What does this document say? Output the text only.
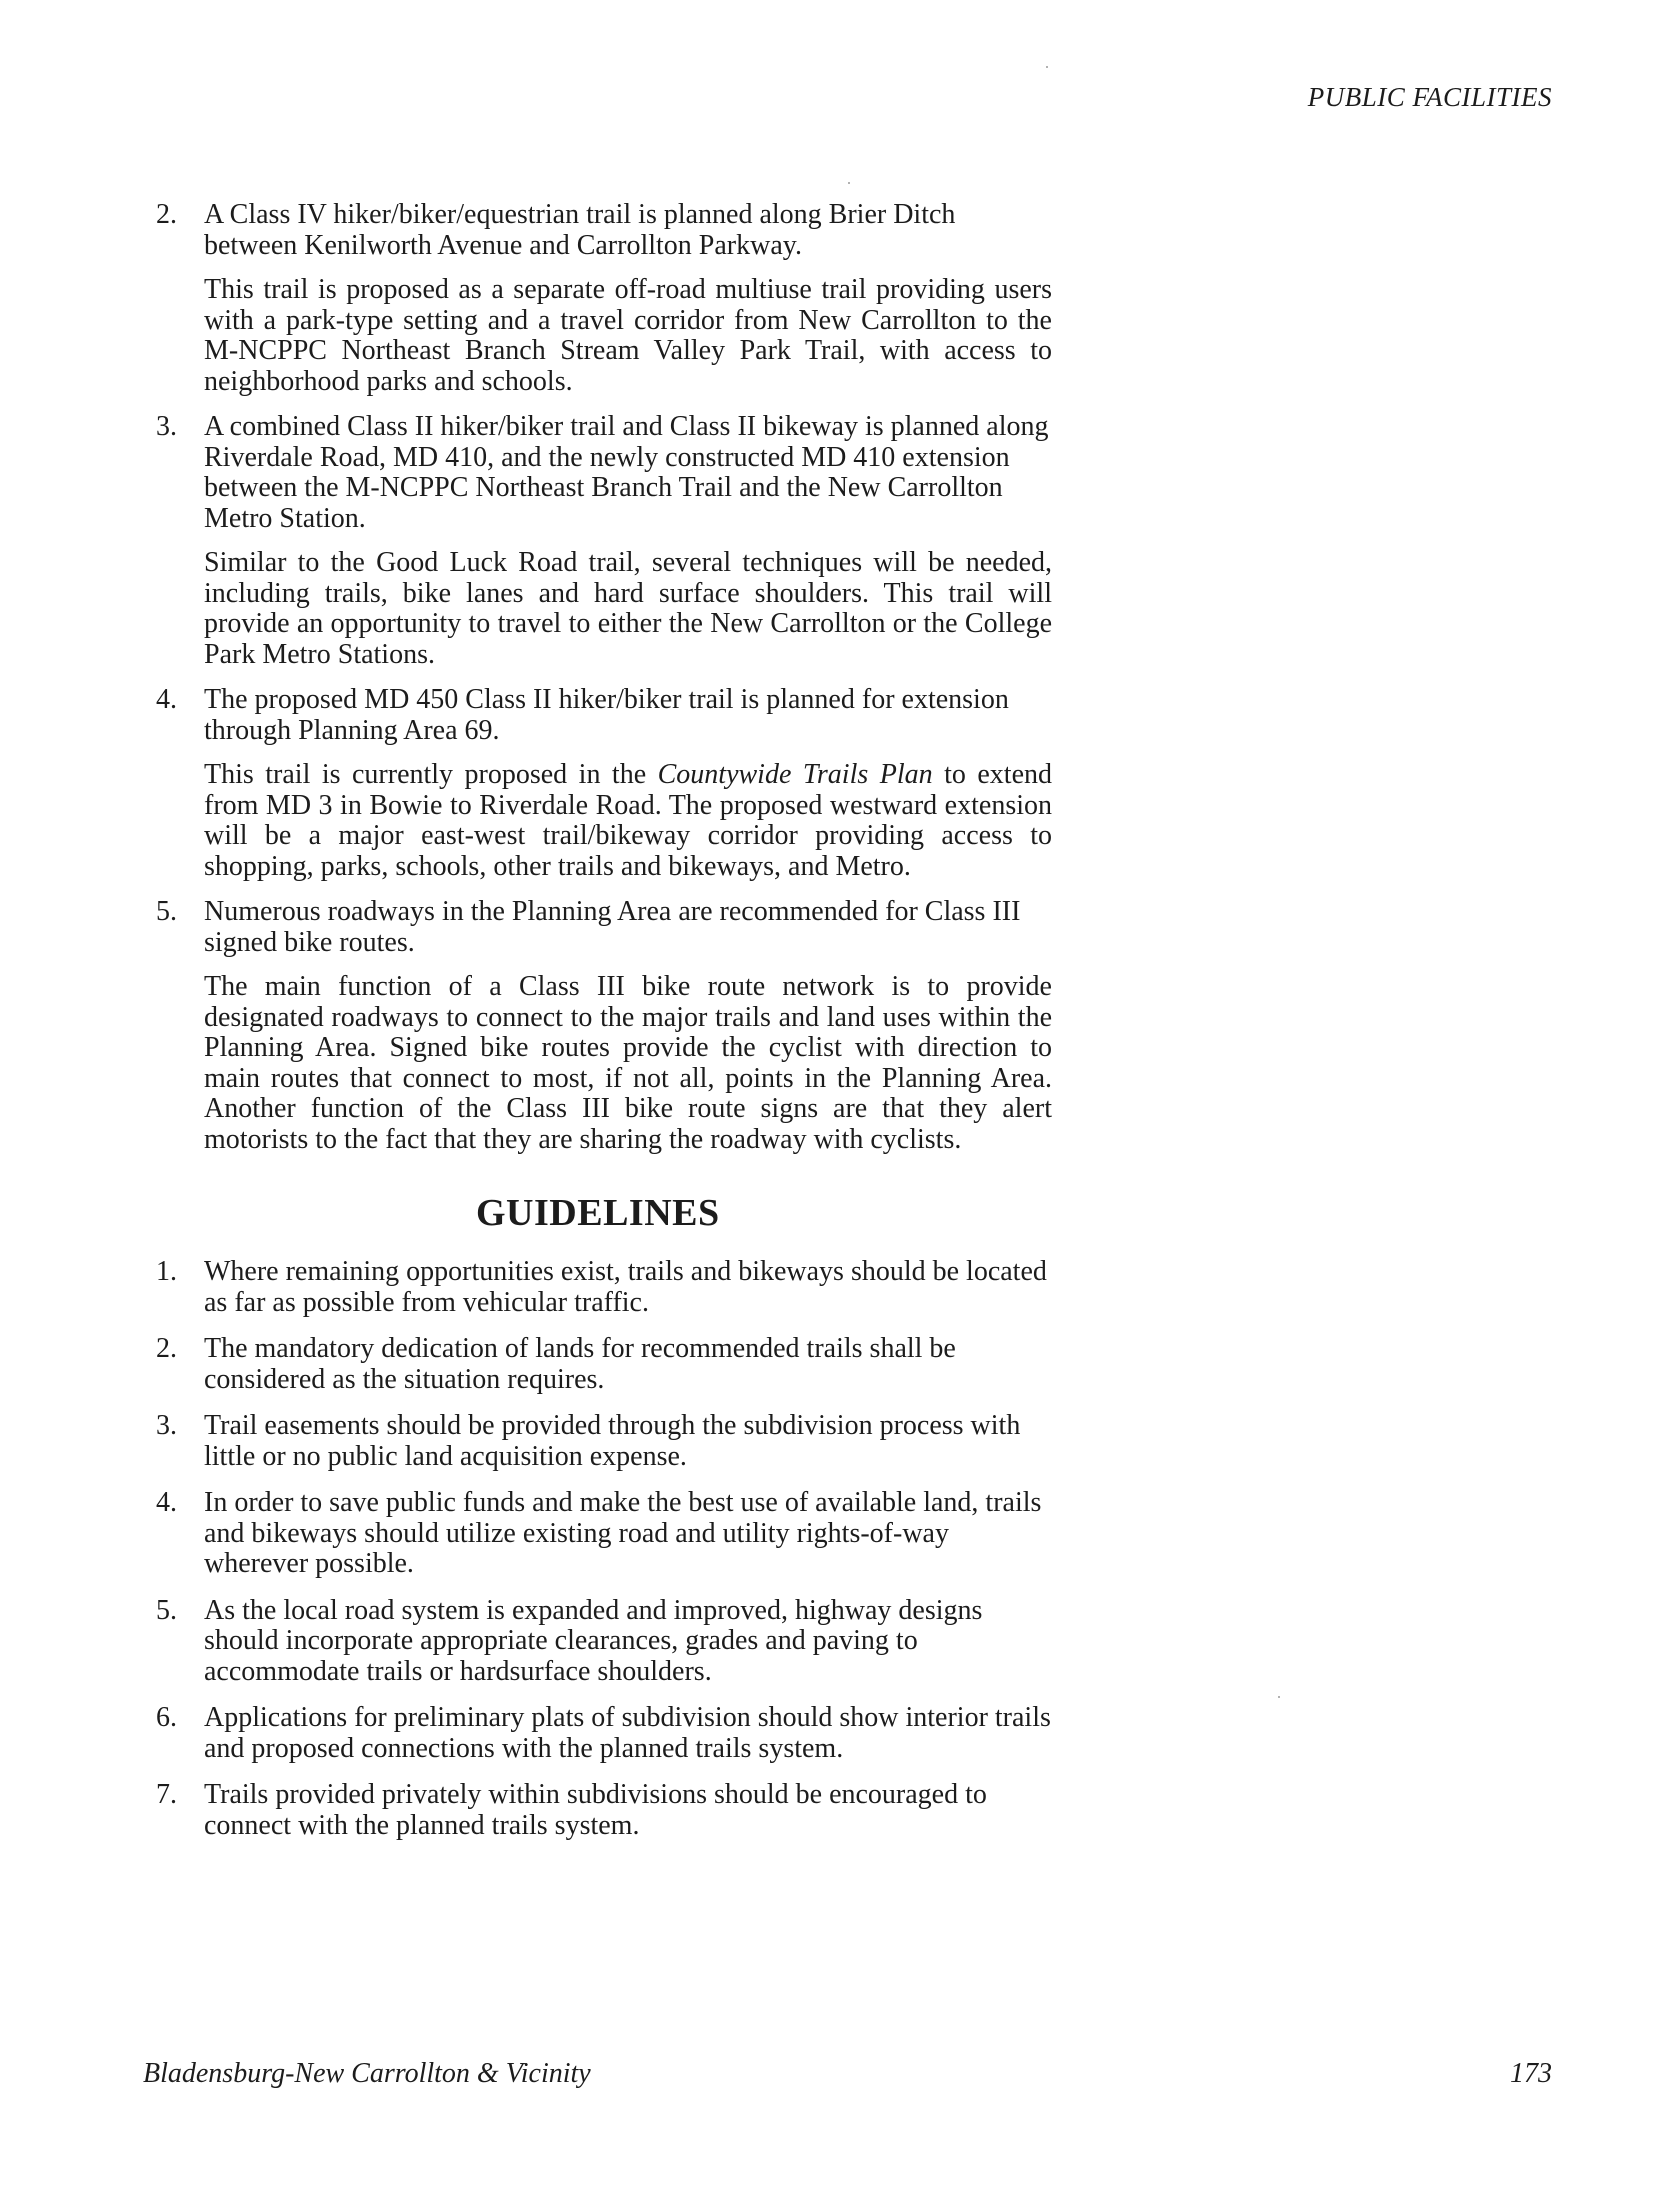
PUBLIC FACILITIES
2. A Class IV hiker/biker/equestrian trail is planned along Brier Ditch between Kenilworth Avenue and Carrollton Parkway.
This trail is proposed as a separate off-road multiuse trail providing users with a park-type setting and a travel corridor from New Carrollton to the M-NCPPC Northeast Branch Stream Valley Park Trail, with access to neighborhood parks and schools.
3. A combined Class II hiker/biker trail and Class II bikeway is planned along Riverdale Road, MD 410, and the newly constructed MD 410 extension between the M-NCPPC Northeast Branch Trail and the New Carrollton Metro Station.
Similar to the Good Luck Road trail, several techniques will be needed, including trails, bike lanes and hard surface shoulders. This trail will provide an opportunity to travel to either the New Carrollton or the College Park Metro Stations.
4. The proposed MD 450 Class II hiker/biker trail is planned for extension through Planning Area 69.
This trail is currently proposed in the Countywide Trails Plan to extend from MD 3 in Bowie to Riverdale Road. The proposed westward extension will be a major east-west trail/bikeway corridor providing access to shopping, parks, schools, other trails and bikeways, and Metro.
5. Numerous roadways in the Planning Area are recommended for Class III signed bike routes.
The main function of a Class III bike route network is to provide designated roadways to connect to the major trails and land uses within the Planning Area. Signed bike routes provide the cyclist with direction to main routes that connect to most, if not all, points in the Planning Area. Another function of the Class III bike route signs are that they alert motorists to the fact that they are sharing the roadway with cyclists.
GUIDELINES
1. Where remaining opportunities exist, trails and bikeways should be located as far as possible from vehicular traffic.
2. The mandatory dedication of lands for recommended trails shall be considered as the situation requires.
3. Trail easements should be provided through the subdivision process with little or no public land acquisition expense.
4. In order to save public funds and make the best use of available land, trails and bikeways should utilize existing road and utility rights-of-way wherever possible.
5. As the local road system is expanded and improved, highway designs should incorporate appropriate clearances, grades and paving to accommodate trails or hardsurface shoulders.
6. Applications for preliminary plats of subdivision should show interior trails and proposed connections with the planned trails system.
7. Trails provided privately within subdivisions should be encouraged to connect with the planned trails system.
Bladensburg-New Carrollton & Vicinity	173
